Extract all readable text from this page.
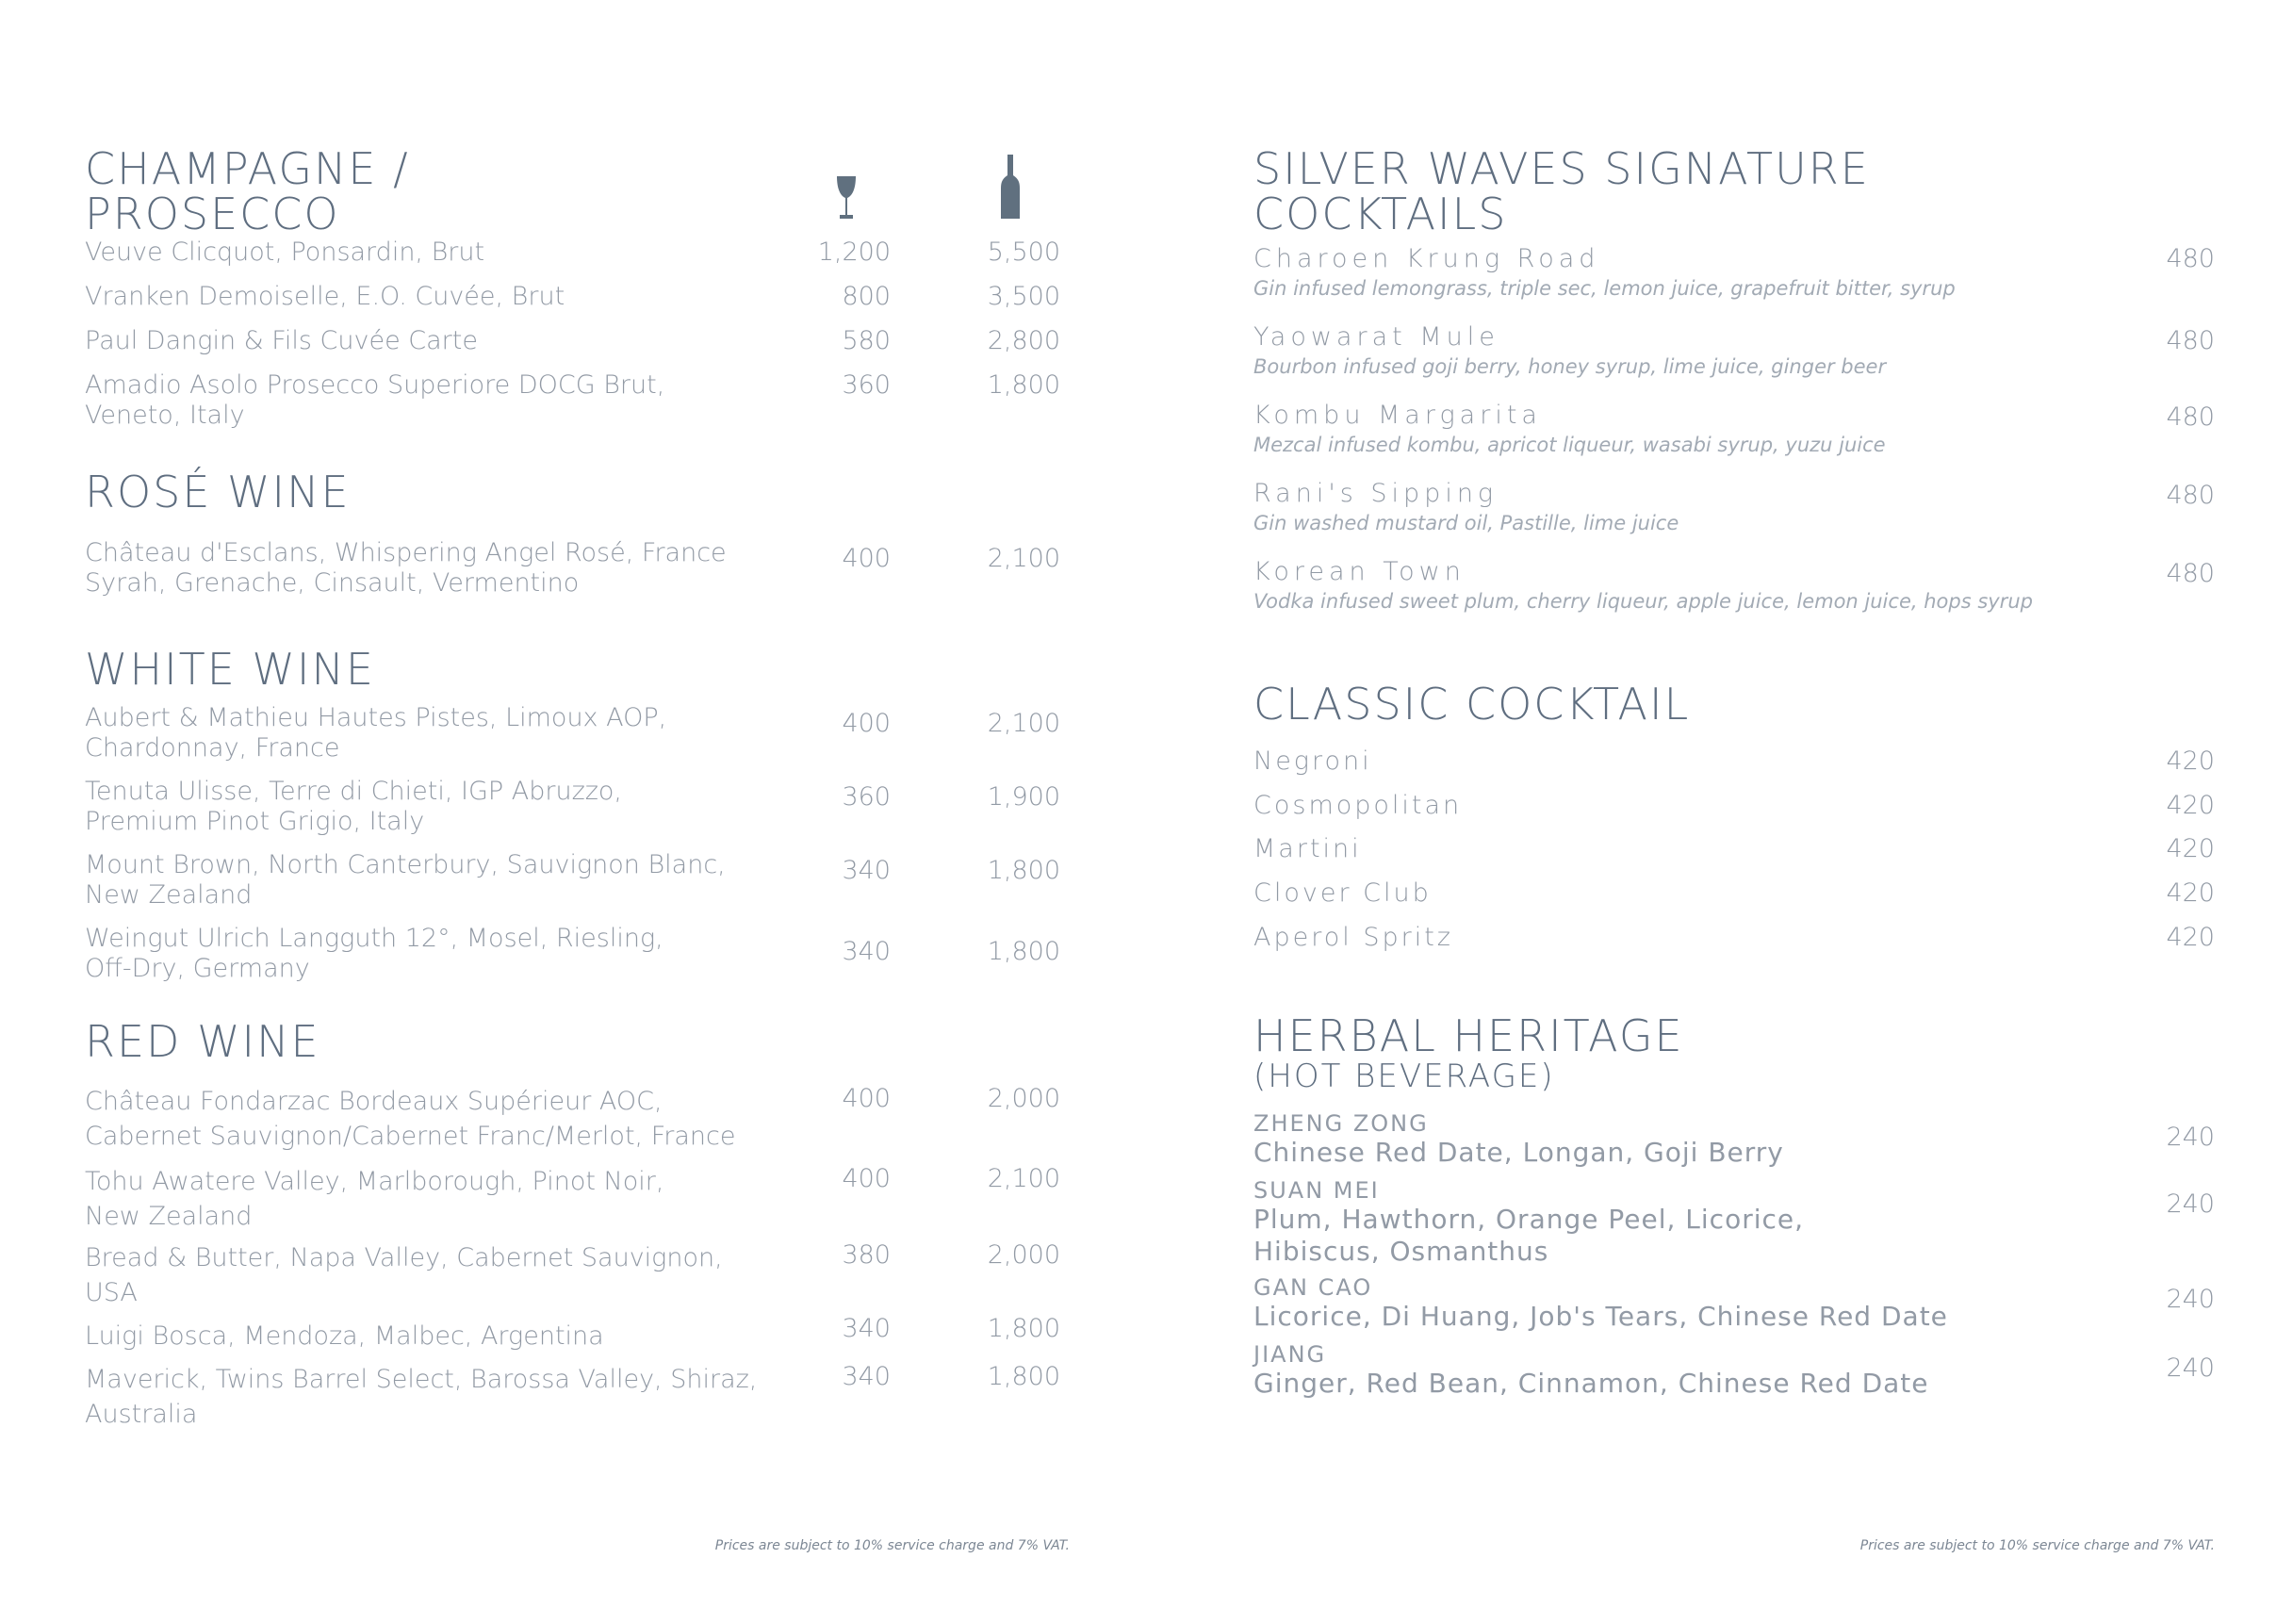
CHAMPAGNE /
PROSECCO
Veuve Clicquot, Ponsardin, Brut	1,200	5,500
Vranken Demoiselle, E.O. Cuvée, Brut	800	3,500
Paul Dangin & Fils Cuvée Carte	580	2,800
Amadio Asolo Prosecco Superiore DOCG Brut,
Veneto, Italy
360	1,800
ROSÉ WINE
Château d'Esclans, Whispering Angel Rosé, France
Syrah, Grenache, Cinsault, Vermentino
400	2,100
WHITE WINE
Aubert & Mathieu Hautes Pistes, Limoux AOP,
Chardonnay, France
400	2,100
Tenuta Ulisse, Terre di Chieti, IGP Abruzzo,
Premium Pinot Grigio, Italy
360	1,900
Mount Brown, North Canterbury, Sauvignon Blanc,
New Zealand
340	1,800
Weingut Ulrich Langguth 12°, Mosel, Riesling,
Off-Dry, Germany
340	1,800
RED WINE
Château Fondarzac Bordeaux Supérieur AOC,
Cabernet Sauvignon/Cabernet Franc/Merlot, France
400	2,000
Tohu Awatere Valley, Marlborough, Pinot Noir,
New Zealand
400	2,100
Bread & Butter, Napa Valley, Cabernet Sauvignon,
USA
380	2,000
Luigi Bosca, Mendoza, Malbec, Argentina	340	1,800
Maverick, Twins Barrel Select, Barossa Valley, Shiraz,
Australia
340	1,800
Prices are subject to 10% service charge and 7% VAT.
SILVER WAVES SIGNATURE
COCKTAILS
Charoen Krung Road
Gin infused lemongrass, triple sec, lemon juice, grapefruit bitter, syrup
480
Yaowarat Mule
Bourbon infused goji berry, honey syrup, lime juice, ginger beer
480
Kombu Margarita
Mezcal infused kombu, apricot liqueur, wasabi syrup, yuzu juice
480
Rani's Sipping
Gin washed mustard oil, Pastille, lime juice
480
Korean Town
Vodka infused sweet plum, cherry liqueur, apple juice, lemon juice, hops syrup
480
CLASSIC COCKTAIL
Negroni	420
Cosmopolitan	420
Martini	420
Clover Club	420
Aperol Spritz	420
HERBAL HERITAGE
(HOT BEVERAGE)
ZHENG ZONG
Chinese Red Date, Longan, Goji Berry	240
SUAN MEI
Plum, Hawthorn, Orange Peel, Licorice, Hibiscus, Osmanthus
240
GAN CAO
Licorice, Di Huang, Job's Tears, Chinese Red Date
240
JIANG
Ginger, Red Bean, Cinnamon, Chinese Red Date	240
Prices are subject to 10% service charge and 7% VAT.
